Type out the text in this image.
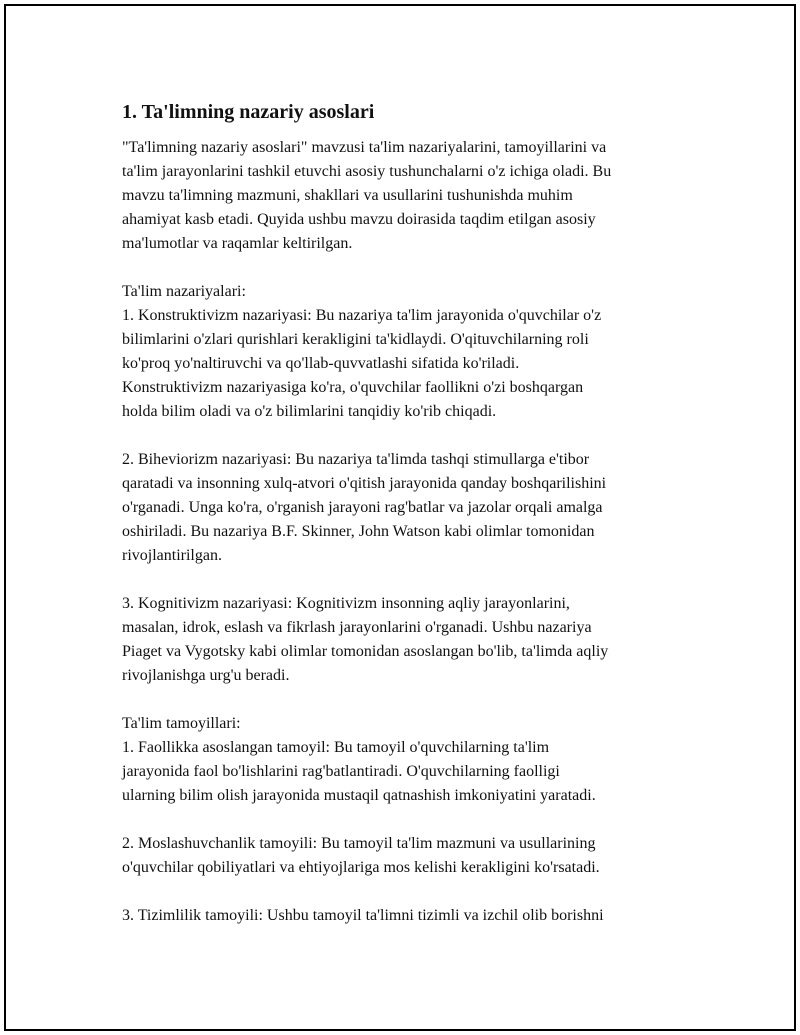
1. Ta'limning nazariy asoslari

"Ta'limning nazariy asoslari" mavzusi ta'lim nazariyalarini, tamoyillarini va
ta'lim jarayonlarini tashkil etuvchi asosiy tushunchalarni o'z ichiga oladi. Bu
mavzu ta'limning mazmuni, shakllari va usullarini tushunishda muhim
ahamiyat kasb etadi. Quyida ushbu mavzu doirasida taqdim etilgan asosiy
ma'lumotlar va raqamlar keltirilgan.

Ta'lim nazariyalari:

1. Konstruktivizm nazariyasi: Bu nazariya ta'lim jarayonida o'quvchilar o'z
bilimlarini o'zlari qurishlari kerakligini ta'kidlaydi. O'qituvchilarning roli
ko'proq yo'naltiruvchi va qo'llab-quvvatlashi sifatida ko'riladi.
Konstruktivizm nazariyasiga ko'ra, o'quvchilar faollikni o'zi boshqargan
holda bilim oladi va o'z bilimlarini tanqidiy ko'rib chiqadi.

2. Biheviorizm nazariyasi: Bu nazariya ta'limda tashqi stimullarga e'tibor
qaratadi va insonning xulq-atvori o'qitish jarayonida qanday boshqarilishini
o'rganadi. Unga ko'ra, o'rganish jarayoni rag'batlar va jazolar orqali amalga
oshiriladi. Bu nazariya B.F. Skinner, John Watson kabi olimlar tomonidan
rivojlantirilgan.

3. Kognitivizm nazariyasi: Kognitivizm insonning aqliy jarayonlarini,
masalan, idrok, eslash va fikrlash jarayonlarini o'rganadi. Ushbu nazariya
Piaget va Vygotsky kabi olimlar tomonidan asoslangan bo'lib, ta'limda aqliy
rivojlanishga urg'u beradi.

Ta'lim tamoyillari:

1. Faollikka asoslangan tamoyil: Bu tamoyil o'quvchilarning ta'lim
jarayonida faol bo'lishlarini rag'batlantiradi. O'quvchilarning faolligi
ularning bilim olish jarayonida mustaqil qatnashish imkoniyatini yaratadi.

2. Moslashuvchanlik tamoyili: Bu tamoyil ta'lim mazmuni va usullarining
o'quvchilar qobiliyatlari va ehtiyojlariga mos kelishi kerakligini ko'rsatadi.

3. Tizimlilik tamoyili: Ushbu tamoyil ta'limni tizimli va izchil olib borishni
